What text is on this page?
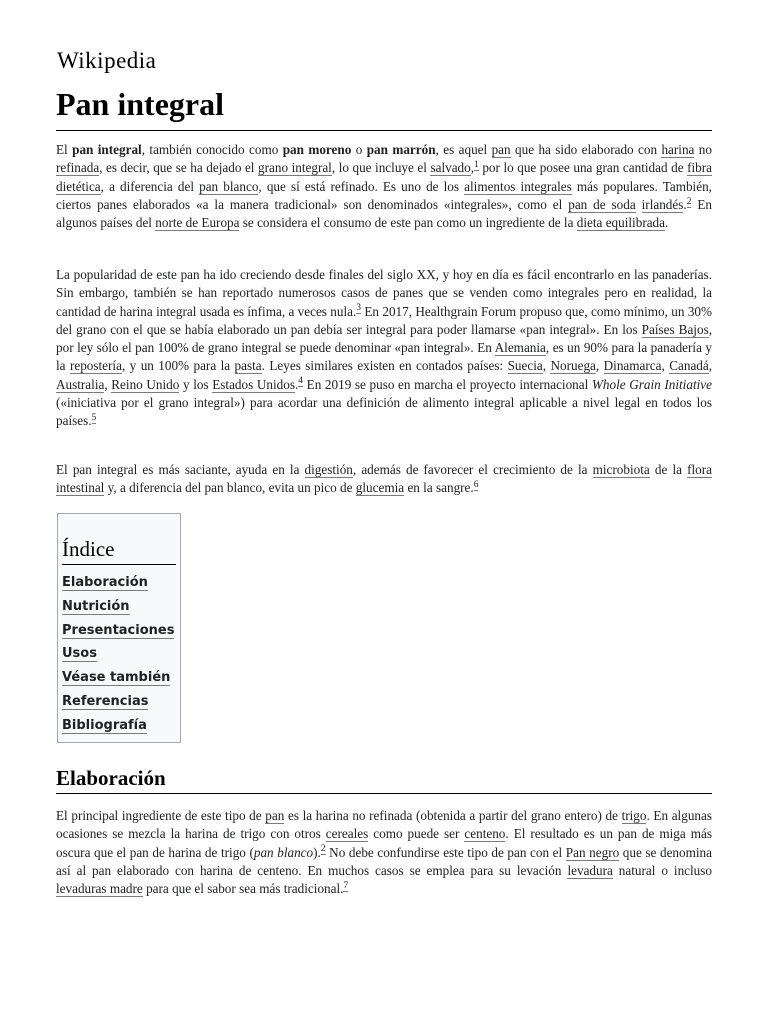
Wikipedia
Pan integral

El pan integral, también conocido como pan moreno o pan marrón, es aquel pan que ha sido elaborado con harina no refinada, es decir, que se ha dejado el grano integral, lo que incluye el salvado,$^1$ por lo que posee una gran cantidad de fibra dietética, a diferencia del pan blanco, que sí está refinado. Es uno de los alimentos integrales más populares. También, ciertos panes elaborados «a la manera tradicional» son denominados «integrales», como el pan de soda irlandés.$^2$ En algunos países del norte de Europa se considera el consumo de este pan como un ingrediente de la dieta equilibrada.

La popularidad de este pan ha ido creciendo desde finales del siglo XX, y hoy en día es fácil encontrarlo en las panaderías. Sin embargo, también se han reportado numerosos casos de panes que se venden como integrales pero en realidad, la cantidad de harina integral usada es ínfima, a veces nula.$^3$ En 2017, Healthgrain Forum propuso que, como mínimo, un 30% del grano con el que se había elaborado un pan debía ser integral para poder llamarse «pan integral». En los Países Bajos, por ley sólo el pan 100% de grano integral se puede denominar «pan integral». En Alemania, es un 90% para la panadería y la repostería, y un 100% para la pasta. Leyes similares existen en contados países: Suecia, Noruega, Dinamarca, Canadá, Australia, Reino Unido y los Estados Unidos.$^4$ En 2019 se puso en marcha el proyecto internacional Whole Grain Initiative («iniciativa por el grano integral») para acordar una definición de alimento integral aplicable a nivel legal en todos los países.$^5$

El pan integral es más saciante, ayuda en la digestión, además de favorecer el crecimiento de la microbiota de la flora intestinal y, a diferencia del pan blanco, evita un pico de glucemia en la sangre.$^6$

Índice
Elaboración
Nutrición
Presentaciones
Usos
Véase también
Referencias
Bibliografía
Elaboración

El principal ingrediente de este tipo de pan es la harina no refinada (obtenida a partir del grano entero) de trigo. En algunas ocasiones se mezcla la harina de trigo con otros cereales como puede ser centeno. El resultado es un pan de miga más oscura que el pan de harina de trigo (pan blanco).$^2$ No debe confundirse este tipo de pan con el Pan negro que se denomina así al pan elaborado con harina de centeno. En muchos casos se emplea para su levación levadura natural o incluso levaduras madre para que el sabor sea más tradicional.$^7$
